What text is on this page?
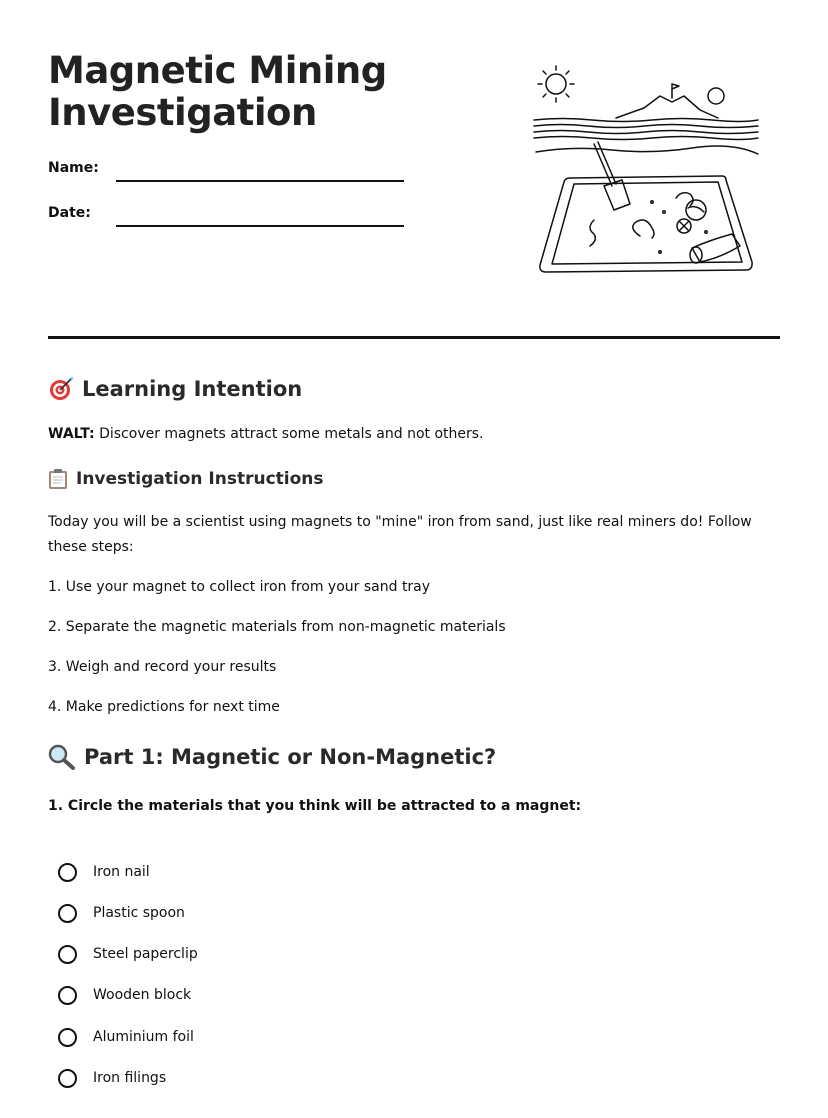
Magnetic Mining Investigation
Name:
Date:
Learning Intention
WALT: Discover magnets attract some metals and not others.
Investigation Instructions
Today you will be a scientist using magnets to "mine" iron from sand, just like real miners do! Follow these steps:
1. Use your magnet to collect iron from your sand tray
2. Separate the magnetic materials from non-magnetic materials
3. Weigh and record your results
4. Make predictions for next time
Part 1: Magnetic or Non-Magnetic?
1. Circle the materials that you think will be attracted to a magnet:
Iron nail
Plastic spoon
Steel paperclip
Wooden block
Aluminium foil
Iron filings
